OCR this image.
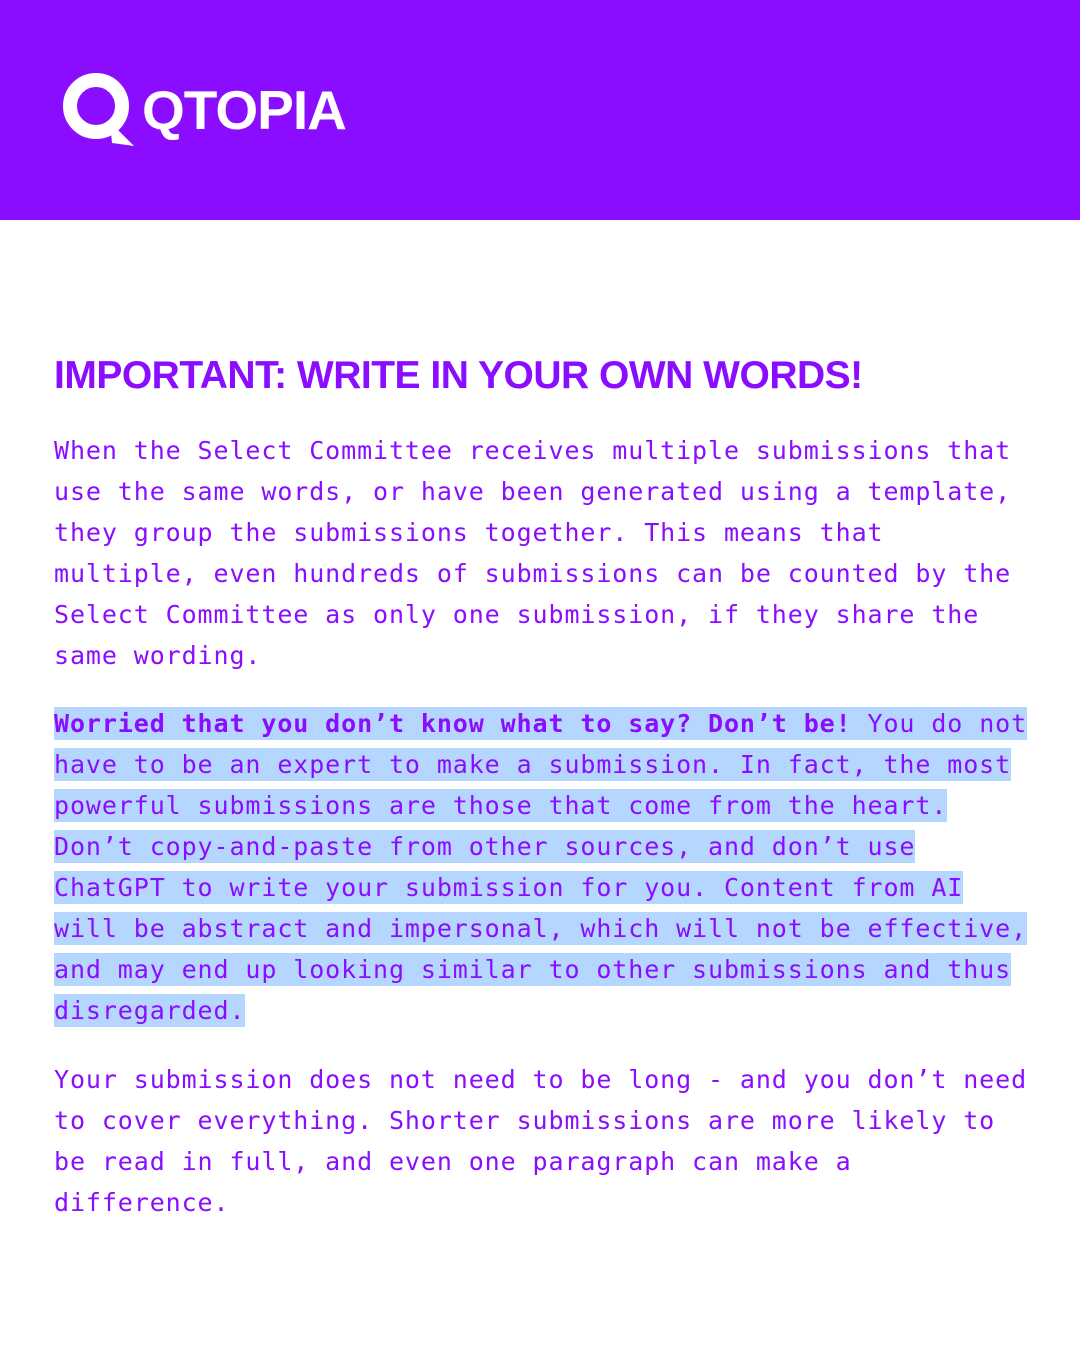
QTOPIA
IMPORTANT: WRITE IN YOUR OWN WORDS!

When the Select Committee receives multiple submissions that use the same words, or have been generated using a template, they group the submissions together. This means that multiple, even hundreds of submissions can be counted by the Select Committee as only one submission, if they share the same wording.

Worried that you don’t know what to say? Don’t be! You do not have to be an expert to make a submission. In fact, the most powerful submissions are those that come from the heart. Don’t copy-and-paste from other sources, and don’t use ChatGPT to write your submission for you. Content from AI will be abstract and impersonal, which will not be effective, and may end up looking similar to other submissions and thus disregarded.

Your submission does not need to be long - and you don’t need to cover everything. Shorter submissions are more likely to be read in full, and even one paragraph can make a difference.
